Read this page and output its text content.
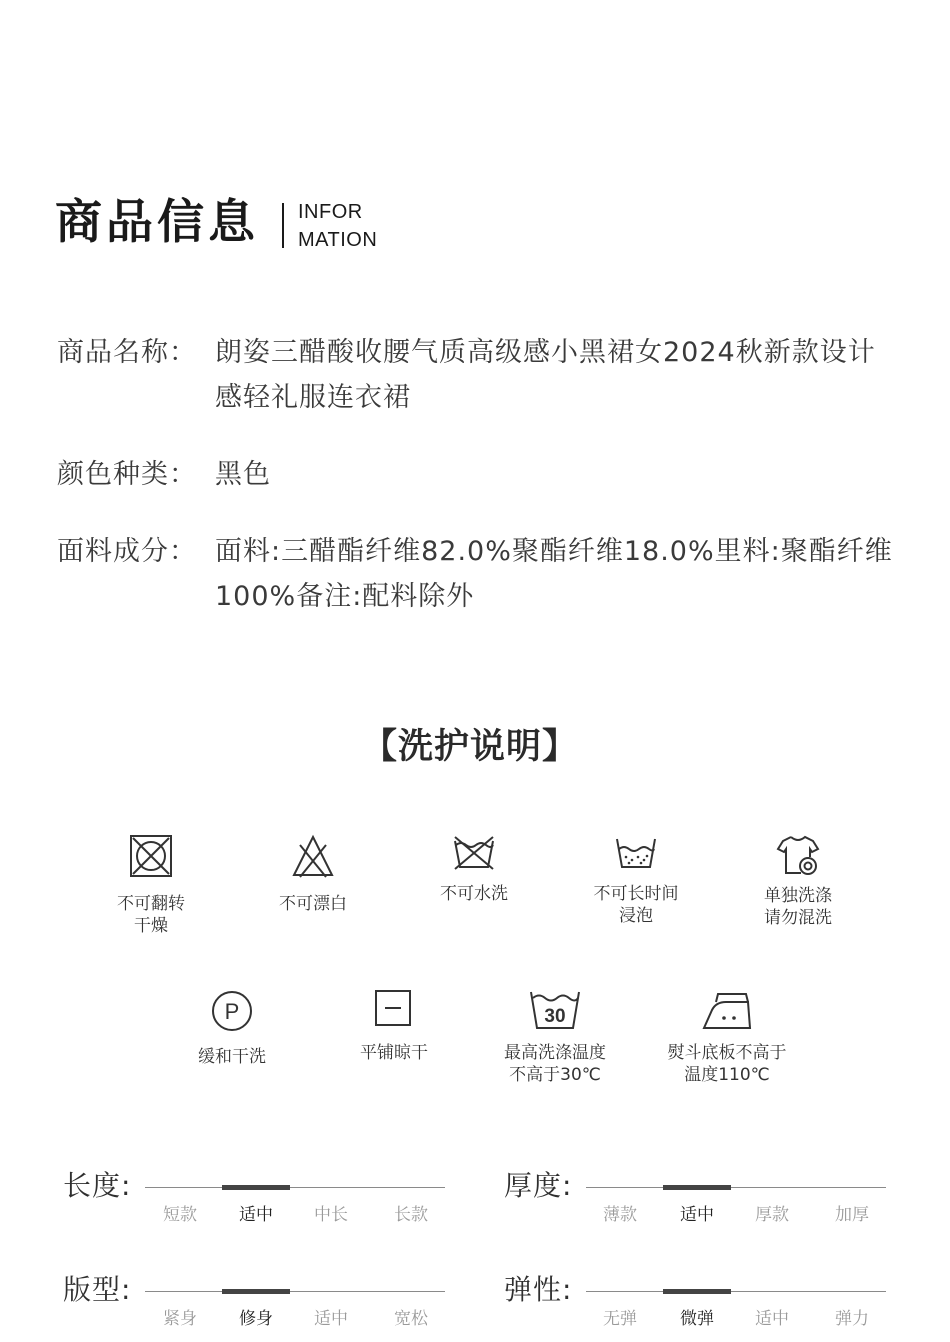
商品信息 INFOR
MATION
商品名称： 朗姿三醋酸收腰气质高级感小黑裙女2024秋新款设计感轻礼服连衣裙
颜色种类： 黑色
面料成分： 面料:三醋酯纤维82.0%聚酯纤维18.0%里料:聚酯纤维100%备注:配料除外
【洗护说明】
不可翻转
干燥
不可漂白	不可水洗	不可长时间
浸泡
单独洗涤
请勿混洗
P
缓和干洗	平铺晾干
30
最高洗涤温度
不高于30℃
熨斗底板不高于
温度110℃
长度:
短款	适中	中长	长款
厚度:
薄款	适中	厚款	加厚
版型:
紧身	修身	适中	宽松
弹性:
无弹	微弹	适中	弹力
